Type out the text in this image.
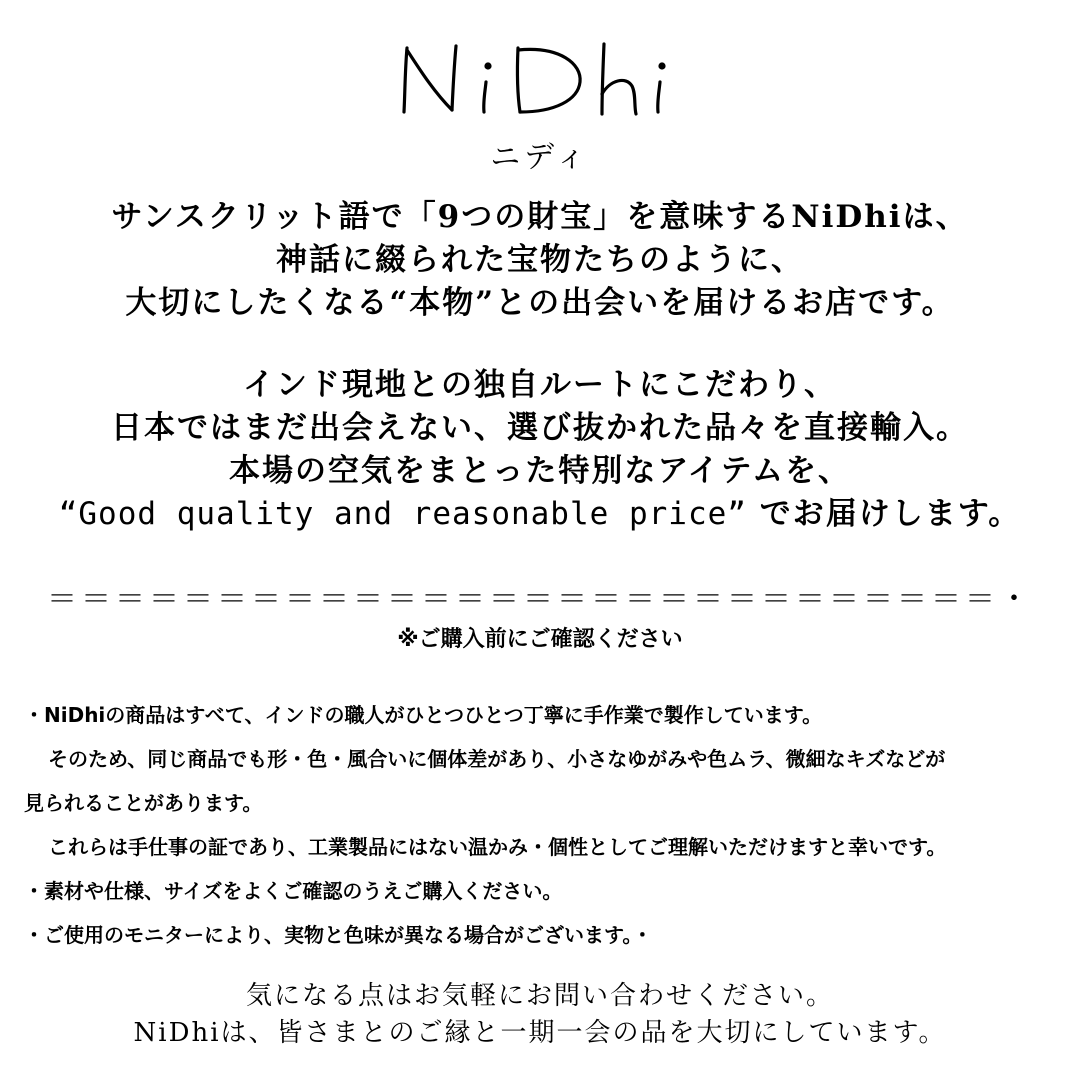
ニディ
サンスクリット語で「9つの財宝」を意味するNiDhiは、
神話に綴られた宝物たちのように、
大切にしたくなる“本物”との出会いを届けるお店です。
インド現地との独自ルートにこだわり、
日本ではまだ出会えない、選び抜かれた品々を直接輸入。
本場の空気をまとった特別なアイテムを、
“Good quality and reasonable price” でお届けします。
＝＝＝＝＝＝＝＝＝＝＝＝＝＝＝＝＝＝＝＝＝＝＝＝＝＝＝＝・
※ご購入前にご確認ください
・NiDhiの商品はすべて、インドの職人がひとつひとつ丁寧に手作業で製作しています。
そのため、同じ商品でも形・色・風合いに個体差があり、小さなゆがみや色ムラ、微細なキズなどが
見られることがあります。
これらは手仕事の証であり、工業製品にはない温かみ・個性としてご理解いただけますと幸いです。
・素材や仕様、サイズをよくご確認のうえご購入ください。
・ご使用のモニターにより、実物と色味が異なる場合がございます。・
気になる点はお気軽にお問い合わせください。
NiDhiは、皆さまとのご縁と一期一会の品を大切にしています。
